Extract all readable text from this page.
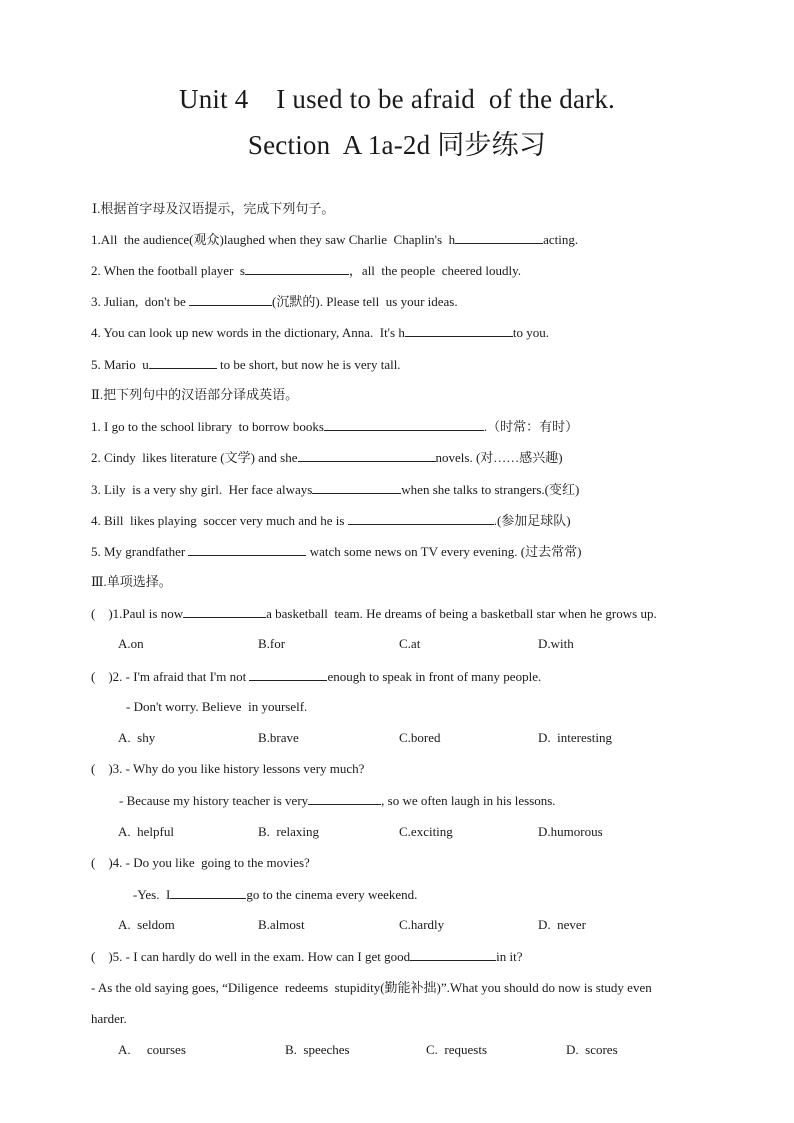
Unit 4    I used to be afraid  of the dark.
Section  A 1a-2d 同步练习
Ⅰ.根据首字母及汉语提示，完成下列句子。
1.All  the audience(观众)laughed when they saw Charlie  Chaplin's  h	acting.
2. When the football player  s	，all  the people  cheered loudly.
3. Julian,  don't be	(沉默的). Please tell  us your ideas.
4. You can look up new words in the dictionary, Anna.  It's h	to you.
5. Mario  u	to be short, but now he is very tall.
Ⅱ.把下列句中的汉语部分译成英语。
1. I go to the school library  to borrow books	.（时常：有时）
2. Cindy  likes literature (文学) and she	novels. (对……感兴趣)
3. Lily  is a very shy girl.  Her face always	when she talks to strangers.(变红)
4. Bill  likes playing  soccer very much and he is	.(参加足球队)
5. My grandfather	watch some news on TV every evening. (过去常常)
Ⅲ.单项选择。
(    )1.Paul is now	a basketball  team. He dreams of being a basketball star when he grows up.
A.on	B.for	C.at	D.with
(    )2. - I'm afraid that I'm not	enough to speak in front of many people.
- Don't worry. Believe  in yourself.
A.  shy	B.brave	C.bored	D.  interesting
(    )3. - Why do you like history lessons very much?
- Because my history teacher is very	, so we often laugh in his lessons.
A.  helpful	B.  relaxing	C.exciting	D.humorous
(    )4. - Do you like  going to the movies?
-Yes.  I	go to the cinema every weekend.
A.  seldom	B.almost	C.hardly	D.  never
(    )5. - I can hardly do well in the exam. How can I get good	in it?
- As the old saying goes, “Diligence  redeems  stupidity(勤能补拙)”.What you should do now is study even
harder.
A.     courses	B.  speeches	C.  requests	D.  scores
